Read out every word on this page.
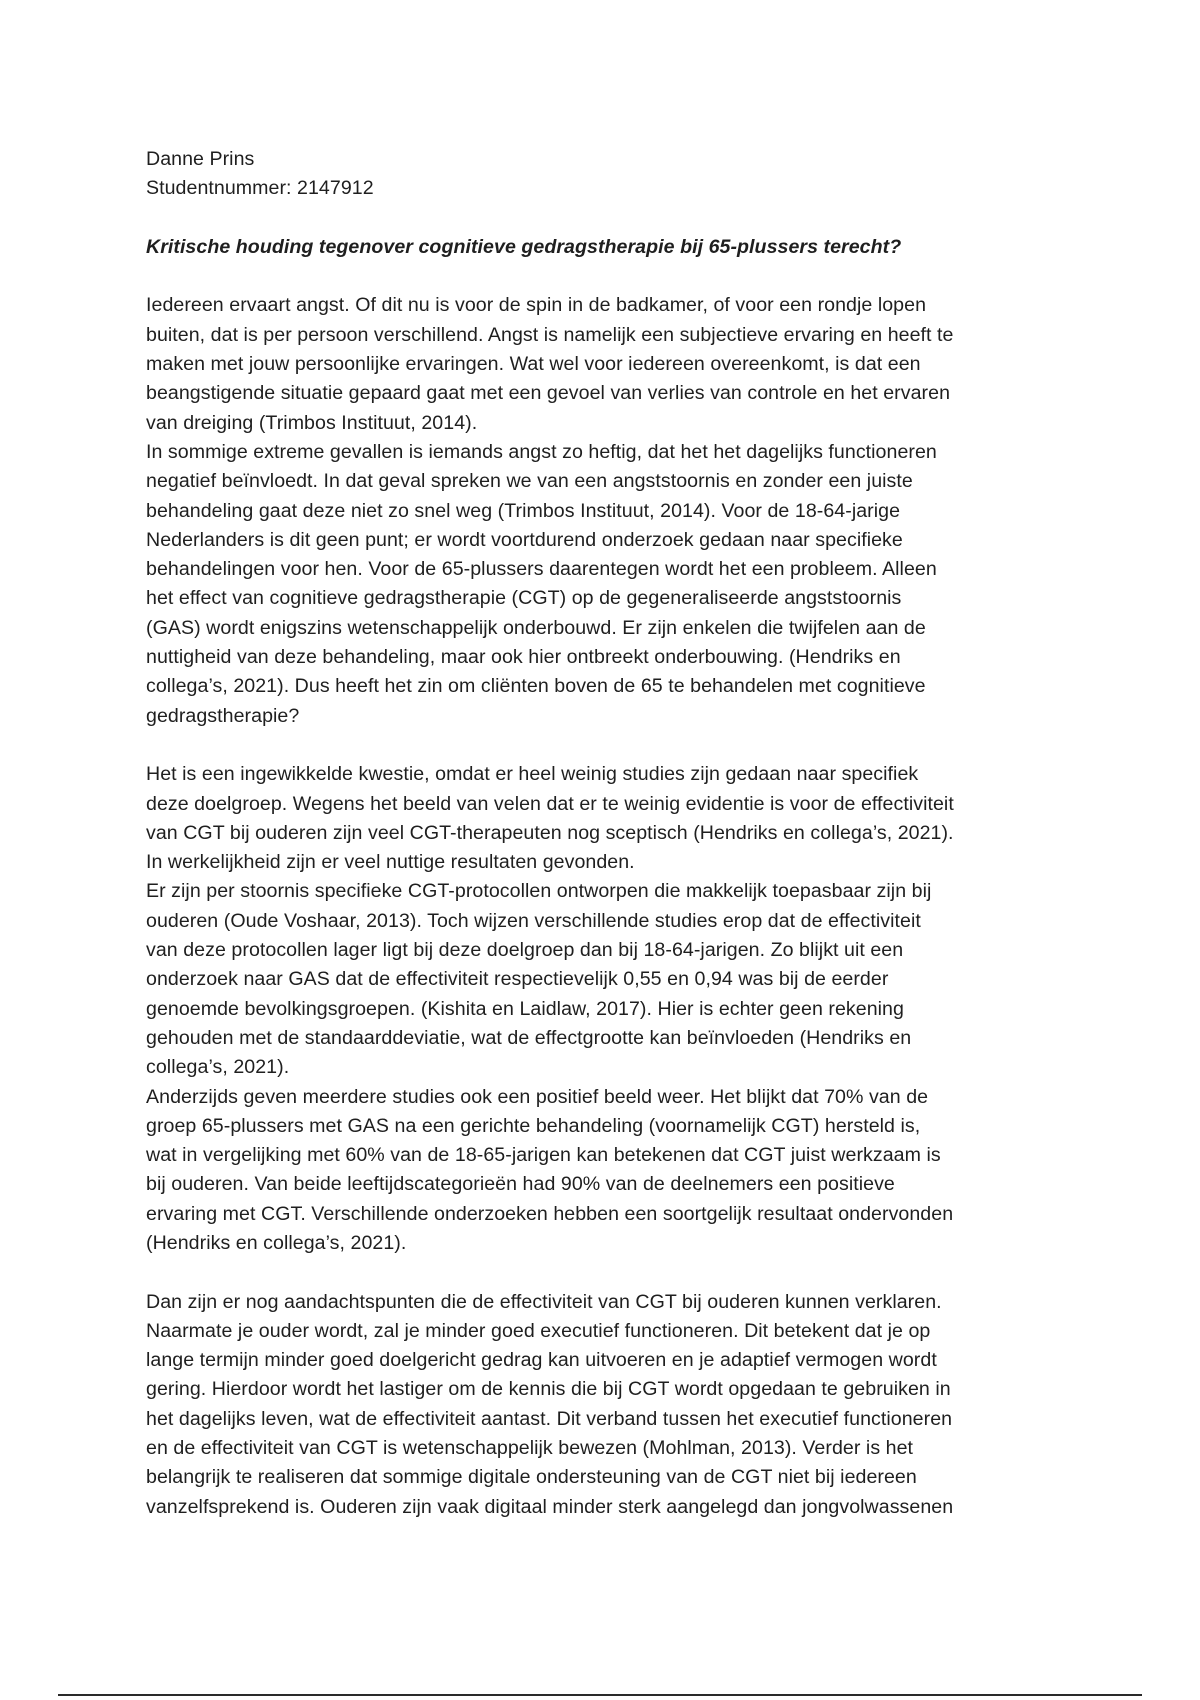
Danne Prins
Studentnummer: 2147912
Kritische houding tegenover cognitieve gedragstherapie bij 65-plussers terecht?
Iedereen ervaart angst. Of dit nu is voor de spin in de badkamer, of voor een rondje lopen
buiten, dat is per persoon verschillend. Angst is namelijk een subjectieve ervaring en heeft te
maken met jouw persoonlijke ervaringen. Wat wel voor iedereen overeenkomt, is dat een
beangstigende situatie gepaard gaat met een gevoel van verlies van controle en het ervaren
van dreiging (Trimbos Instituut, 2014).
In sommige extreme gevallen is iemands angst zo heftig, dat het het dagelijks functioneren
negatief beïnvloedt. In dat geval spreken we van een angststoornis en zonder een juiste
behandeling gaat deze niet zo snel weg (Trimbos Instituut, 2014). Voor de 18-64-jarige
Nederlanders is dit geen punt; er wordt voortdurend onderzoek gedaan naar specifieke
behandelingen voor hen. Voor de 65-plussers daarentegen wordt het een probleem. Alleen
het effect van cognitieve gedragstherapie (CGT) op de gegeneraliseerde angststoornis
(GAS) wordt enigszins wetenschappelijk onderbouwd. Er zijn enkelen die twijfelen aan de
nuttigheid van deze behandeling, maar ook hier ontbreekt onderbouwing. (Hendriks en
collega’s, 2021). Dus heeft het zin om cliënten boven de 65 te behandelen met cognitieve
gedragstherapie?
Het is een ingewikkelde kwestie, omdat er heel weinig studies zijn gedaan naar specifiek
deze doelgroep. Wegens het beeld van velen dat er te weinig evidentie is voor de effectiviteit
van CGT bij ouderen zijn veel CGT-therapeuten nog sceptisch (Hendriks en collega’s, 2021).
In werkelijkheid zijn er veel nuttige resultaten gevonden.
Er zijn per stoornis specifieke CGT-protocollen ontworpen die makkelijk toepasbaar zijn bij
ouderen (Oude Voshaar, 2013). Toch wijzen verschillende studies erop dat de effectiviteit
van deze protocollen lager ligt bij deze doelgroep dan bij 18-64-jarigen. Zo blijkt uit een
onderzoek naar GAS dat de effectiviteit respectievelijk 0,55 en 0,94 was bij de eerder
genoemde bevolkingsgroepen. (Kishita en Laidlaw, 2017). Hier is echter geen rekening
gehouden met de standaarddeviatie, wat de effectgrootte kan beïnvloeden (Hendriks en
collega’s, 2021).
Anderzijds geven meerdere studies ook een positief beeld weer. Het blijkt dat 70% van de
groep 65-plussers met GAS na een gerichte behandeling (voornamelijk CGT) hersteld is,
wat in vergelijking met 60% van de 18-65-jarigen kan betekenen dat CGT juist werkzaam is
bij ouderen. Van beide leeftijdscategorieën had 90% van de deelnemers een positieve
ervaring met CGT. Verschillende onderzoeken hebben een soortgelijk resultaat ondervonden
(Hendriks en collega’s, 2021).
Dan zijn er nog aandachtspunten die de effectiviteit van CGT bij ouderen kunnen verklaren.
Naarmate je ouder wordt, zal je minder goed executief functioneren. Dit betekent dat je op
lange termijn minder goed doelgericht gedrag kan uitvoeren en je adaptief vermogen wordt
gering. Hierdoor wordt het lastiger om de kennis die bij CGT wordt opgedaan te gebruiken in
het dagelijks leven, wat de effectiviteit aantast. Dit verband tussen het executief functioneren
en de effectiviteit van CGT is wetenschappelijk bewezen (Mohlman, 2013). Verder is het
belangrijk te realiseren dat sommige digitale ondersteuning van de CGT niet bij iedereen
vanzelfsprekend is. Ouderen zijn vaak digitaal minder sterk aangelegd dan jongvolwassenen
